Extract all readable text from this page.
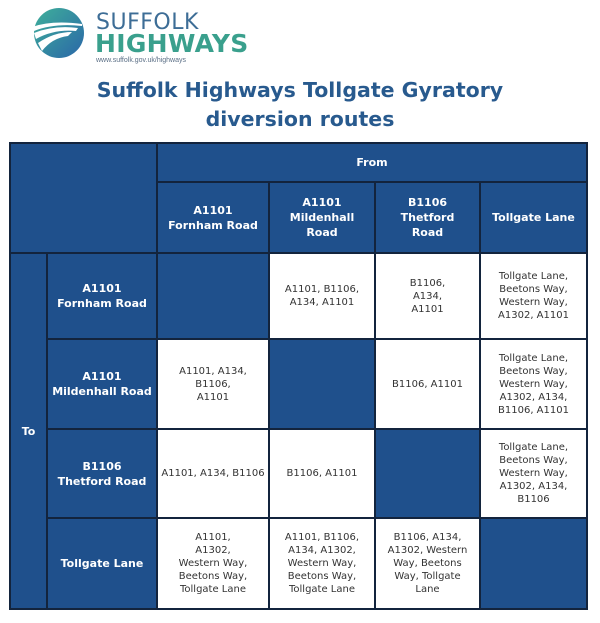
SUFFOLK
HIGHWAYS
www.suffolk.gov.uk/highways
Suffolk Highways Tollgate Gyratory
diversion routes
From
A1101 Fornham Road
A1101 Mildenhall Road
B1106 Thetford Road
Tollgate Lane
To
A1101 Fornham Road
A1101, B1106, A134, A1101
B1106, A134, A1101
Tollgate Lane, Beetons Way, Western Way, A1302, A1101
A1101 Mildenhall Road
A1101, A134, B1106, A1101
B1106, A1101
Tollgate Lane, Beetons Way, Western Way, A1302, A134, B1106, A1101
B1106 Thetford Road
A1101, A134, B1106	B1106, A1101
Tollgate Lane, Beetons Way, Western Way, A1302, A134, B1106
Tollgate Lane
A1101, A1302, Western Way, Beetons Way, Tollgate Lane
A1101, B1106, A134, A1302, Western Way, Beetons Way, Tollgate Lane
B1106, A134, A1302, Western Way, Beetons Way, Tollgate Lane
